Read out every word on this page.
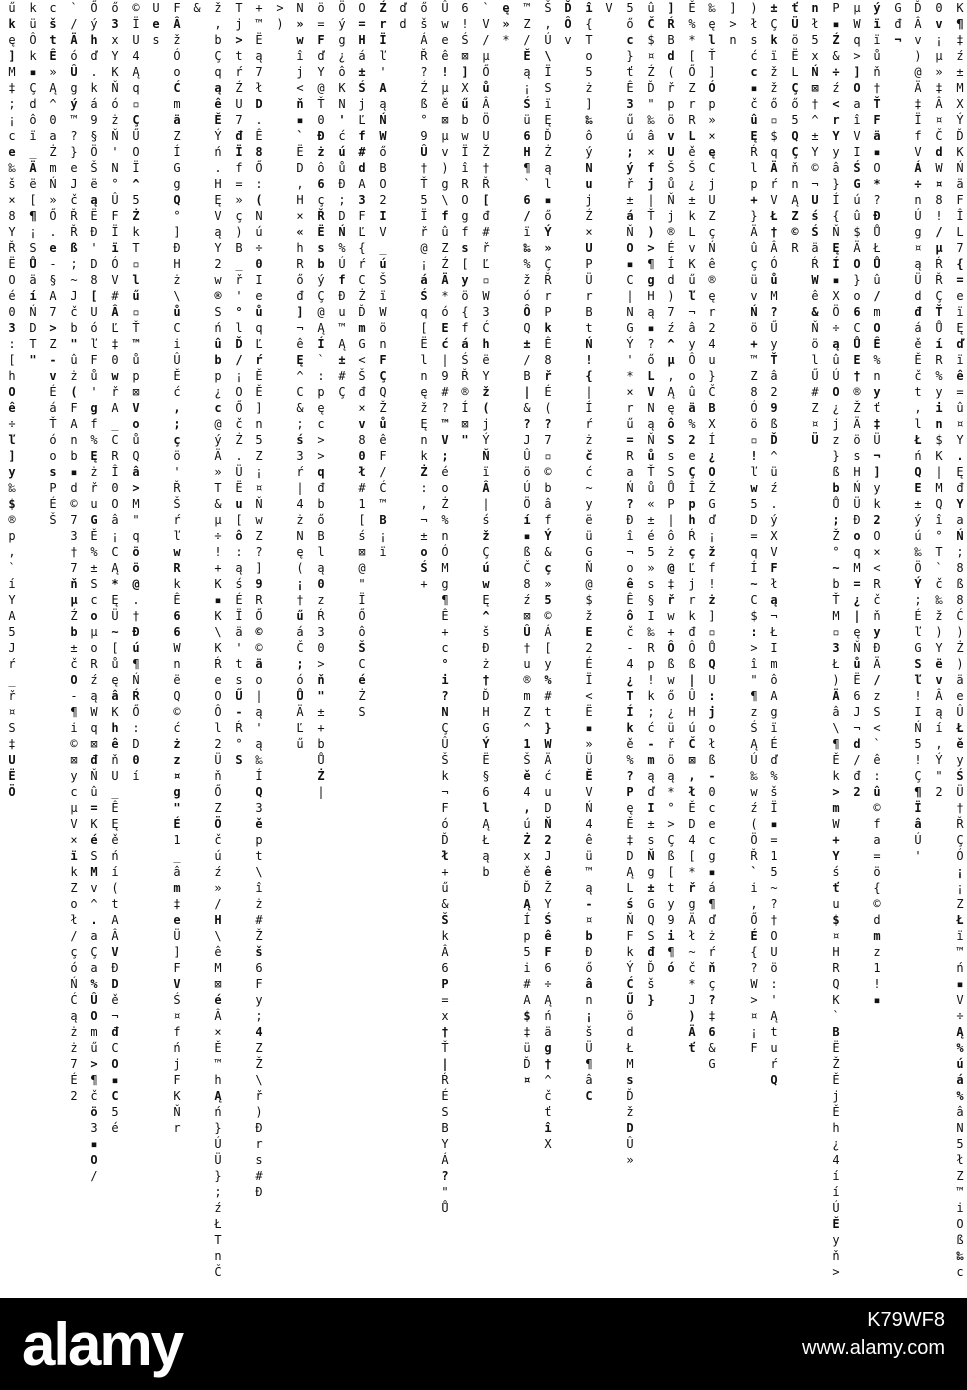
ű
k
ę
]
M
‡
;
¡
c
e
‰
š
×
8
Y
Ř
Ë
O
é
0
3
:
[
h
O
ê
÷
ľ
]
y
‰
$
®
p
,
`
í
Y
A
5
J
ŕ
_
ř
¤
S
‡
U
Ë
Ö
k
ü
Ô
k
▪
Ç
d
ô
ï
_
Ä
ë
[
¶
¡
S
Ů
ä
í
Ń
D
T
"
c
š
t
Ê
»
Ą
^
0
a
Ż
m
Ń
»
Ő
.
e
-
§
A
7
>
Z
-
v
É
á
Ť
ó
o
s
P
É
Š
`
/
Ä
ó
Û
g
ý
™
?
}
e
J
č
Ř
Ř
ß
;
~
J
č
b
"
û
ż
(
F
A
n
b
▪
d
©
7
3
†
7
ň
µ
Ź
b
±
č
O
-
¶
i
©
⊠
y
c
µ
V
×
ï
k
Z
o
ł
/
ç
ó
Ń
Ć
ą
ż
ż
7
É
2
Ő
ý
h
ď
.
k
á
9
§
Ö
Š
ë
ą
Ë
Đ
'
D
8
[
U
ó
ľ
F
ů
'
g
f
%
Ę
ż
ř
u
G
Ě
%
±
S
c
o
µ
o
R
ź
ą
W
q
⊠
đ
Ň
û
=
K
é
S
M
v
^
.
a
Ç
a
%
Û
O
m
ű
>
¶
č
ö
3
▪
O
/
ő
3
x
Y
K
Ň
ó
ż
Ň
'
N
°
Û
F
Ï
ï
Ó
V
#
Â
Ľ
‡
0
w
ř
A
_
C
R
Î
0
O
â
¡
C
Ą
*
Ę
Ü
~
[
ů
ę
â
K
h
ê
ň
U
_
Ê
Ę
ě
ń
í
(
t
A
Â
V
Đ
D
ě
¬
đ
C
O
▪
C
5
é
©
Ï
U
4
Ą
q
▫
Ç
Ű
O
Ï
^
5
Ż
k
T
▫
l
ű
▫
Ť
™
ů
p
⊠
V
o
ů
Q
â
>
M
"
q
ö
ö
@
.
†
Đ
ú
¶
Ń
Ŕ
Ő
:
D
0
í
U
e
s
F
Â
ž
Ó
o
Ć
m
ä
Z
Í
G
g
Q
°
]
Đ
H
ż
\
ů
C
i
Û
Ě
ć
,
;
ç
ö
'
Ř
Š
ŕ
ľ
w
R
k
Ê
6
6
W
n
ë
Q
©
ć
ż
z
¤
g
"
É
1
_
â
m
‡
e
Ü
]
F
V
Ś
¤
f
ń
j
F
K
Ň
r
&	ž
,
b
Ç
q
ą
ê
Ě
Ý
ń
.
H
Ę
V
ą
Y
2
w
®
S
ń
û
b
p
¿
c
@
ý
Ä
»
T
&
µ
÷
!
+
K
▪
K
\
K
Ŕ
e
O
Ô
l
2
Ü
ň
Ő
Z
Ö
č
ú
ź
»
/
H
\
ê
M
⊠
é
Â
×
Ě
™
h
Ą
ń
}
Ú
Ü
}
;
ź
Ł
T
n
Č
T
j
>
t
ŕ
Ź
U
7
đ
Ï
f
=
»
ç
)
B
_
ř
'
°
l
Ď
/
¡
O
Ő
č
Ż
.
Ü
Ë
u
[
ô
:
ą
ś
É
Ï
ä
'
t
s
Ű
-
Ŕ
°
S
+
™
Ë
ą
7
ł
D
.
Ê
8
Ő
:
(
N
ú
÷
0
I
e
ů
q
Ľ
ŕ
Ě
Ě
]
n
5
Z
¡
¤
Ň
w
Z
?
]
9
R
Ő
©
©
ä
o
|
ą
'
ą
‰
Í
Q
3
ě
p
t
\
î
ż
#
Ž
š
6
F
y
;
4
Z
Ž
\
ř
)
Đ
r
s
#
Đ
>
)
N
»
w
î
j
<
ň
▪
`
Ë
D
,
H
×
«
h
R
ő
đ
]
¬
ê
Ę
^
C
&
;
ś
3
ŕ
|
4
ż
N
ę
(
¡
†
ű
á
Č
;
ó
Ů
Ä
Ľ
ű
ö
=
F
ď
Y
@
Ť
0
Đ
ż
ô
6
ç
Ř
Ë
s
b
ý
Ç
@
Ą
Í
`
:
p
ę
c
>
>
q
đ
b
ő
B
l
ą
0
z
Ŕ
3
0
>
ň
"
±
+
b
Ů
Ż
|
Ö
ý
g
¿
ô
K
N
'
ć
ú
ů
Đ
;
D
Ń
%
Ú
f
Đ
u
™
Ą
±
#
Ç
O
=
H
á
±
Ś
j
Ľ
f
#
d
A
3
F
Ľ
{
ŕ
C
Ż
Ď
m
G
<
Š
đ
×
v
8
0
ł
#
1
[
ś
⊠
@
"
Ï
Ő
ô
Š
C
é
Ż
S
Ź
r
Ï
ľ
'
A
ą
Ń
W
ő
B
O
2
I
V
_
ú
Š
ï
W
ö
n
F
Ç
Q
Ž
ů
ê
F
/
Ć
™
B
¡
ï
ď
d
ő
š
Á
Ř
?
Ź
ß
°
9
Û
†
Ť
5
Ï
ř
@
¡
á
Ś
q
[
Ë
l
n
ę
ž
Ę
n
k
Ż
:
,
¬
±
o
Ś
+
Û
w
e
ê
!
µ
ě
⊠
µ
v
)
g
\
f
û
Z
Ź
Ä
*
ó
E
ć
|
9
#
?
™
V
;
é
o
Ż
%
n
Ó
M
g
¶
Ê
+
c
°
i
?
N
Ç
Û
Š
k
¬
F
ó
Ď
ł
+
ű
&
Š
k
Â
6
P
=
x
†
Ť
|
Ŕ
É
S
B
Y
Á
?
"
Ů
6
!
Ś
⊠
]
X
ű
b
w
Ï
î
R
O
g
f
s
[
y
ö
{
f
á
Ś
Ř
®
Í
⊠
"
`
V
/
µ
Ő
ů
Â
Ö
U
Ž
†
Ř
[
đ
#
ř
Ľ
▫
W
3
Ć
h
ë
Y
ž
(
j
Ý
Ň
ï
Â
|
ś
ž
Ç
ú
w
Ę
^
š
Đ
ż
†
Ď
H
G
Ý
Ë
§
6
l
Ą
Ł
ą
b
ę
»
*
™
Z
/
Ě
ą
¡
Ś
ü
6
H
¶
`
6
/
ï
‰
%
ž
ó
Ô
Q
±
/
B
|
&
?
J
Û
ö
Ú
Ö
í
▪
ß
Č
8
ź
⊠
Û
†
u
®
m
Z
^
1
Š
ě
4
,
ú
Ż
x
ě
Ď
Ą
Í
p
5
i
#
A
$
‡
ü
Ď
¤
Š
,
Ú
\
Ï
S
ï
Ę
Ď
Ż
ą
l
▪
ő
Ý
»
Ç
Ř
r
P
k
Ê
8
ř
É
(
?
7
▫
©
b
â
f
Ý
&
ç
»
5
©
Á
[
y
%
#
t
}
W
Ä
ć
u
D
Ň
2
J
ê
Ž
Y
Ś
ê
F
6
÷
Ą
ń
ä
g
†
^
č
ť
î
X
Ď
Ô
v
î
{
T
o
5
ż
]
‰
ô
ý
N
u
j
Ź
×
U
P
Ü
r
B
t
Ń
!
{
|
Í
ŕ
ż
č
ć
~
y
ë
ü
G
Ň
@
$
ž
E
2
É
Ï
<
Ë
▪
»
Ü
Ě
V
Ń
4
ê
ü
™
ą
-
¤
b
Đ
ő
â
n
¡
š
Ü
¶
â
C
V	5
ő
c
}
ť
Ê
3
ű
ú
;
ý
ř
±
á
Ň
O
▪
C
|
N
G
Ý
'
*
×
r
ű
=
R
a
Ń
?
Đ
î
¬
o
ê
Ê
ô
č
-
4
¿
T
Í
k
ě
%
?
P
ę
Ě
‡
D
Ą
L
ś
Ň
F
k
Ý
Ć
Ű
ö
d
Ł
M
s
Ď
ž
D
Û
»
û
Č
$
¤
Ź
Ď
"
‰
â
×
f
j
|
Ť
)
>
¶
g
H
ą
▪
?
ő
L
V
N
ą
Ň
ů
Ť
ů
«
±
é
5
»
s
§
I
‰
R
p
!
k
;
ć
-
m
ą
ď
I
±
s
Ň
g
±
G
Q
S
đ
Ď
š
}
]
Ŕ
B
d
(
ř
p
ö
v
U
Š
ů
Ň
j
®
É
Í
d
)
7
ź
^
µ
,
Ą
ę
ô
S
s
S
Ů
P
|
ô
ż
@
‡
ř
w
+
Ô
ß
w
ő
¿
ü
ř
ö
ą
*
°
>
Ç
ß
[
t
y
9
i
¶
ó
Ě
%
*
[
Ő
Z
r
R
L
ě
Š
¿
±
k
L
v
K
ű
ľ
¬
â
y
Ô
o
û
ä
%
2
e
Ç
Î
p
h
Ŕ
ç
Ľ
j
r
k
đ
Ô
ß
|
Û
H
ú
Č
⊠
,
ł
Ě
D
4
[
*
ř
g
Ä
ł
~
č
*
J
)
Ä
ť
‰
ę
l
Ť
]
Ó
p
»
×
ę
C
j
U
Z
ç
Ń
ê
®
ę
r
2
4
u
}
Č
B
X
Í
¿
O
Ž
G
ď
¡
ž
f
!
ż
]
▫
Ů
Q
U
:
j
o
ł
ß
-
0
c
e
c
g
▪
á
¶
ď
ż
ŕ
ň
ç
?
‡
6
&
G
]
>
n
)
ł
s
ć
c
▪
č
û
Ę
Ŕ
l
p
+
}
Ä
û
ç
ü
v
Ń
ö
+
™
Z
8
Ó
ö
▫
!
ľ
w
5
D
=
q
Í
~
C
$
:
>
î
"
¶
z
Ś
Ą
Ú
‰
w
ź
(
Ö
Ř
`
i
,
Ő
É
{
?
W
>
¤
¡
F
±
Ç
k
ï
ž
ž
ő
▫
$
q
Ä
ŕ
V
Ł
†
Â
Ó
ů
M
?
Ű
y
Ť
â
2
9
ß
Ď
^
ü
ź
.
ý
X
V
F
ł
ą
¬
Ł
I
m
ô
A
g
ï
É
ď
%
š
Ï
▪
=
1
5
~
?
†
O
U
ö
:
'
Ą
t
u
ŕ
Q
ť
Ü
ö
Ë
L
Ç
ő
5
Q
Ç
ň
n
Ą
Z
©
R
n
ł
5
x
Ń
⊠
†
^
±
Y
©
¬
U
ś
Ś
ä
Ŕ
W
ê
&
Ň
ö
l
Ű
#
Z
¤
Ü
P
▪
Ź
&
÷
ź
<
r
Y
y
â
}
Í
{
Ň
Ę
Í
▪
X
Ö
÷
ą
û
Ú
O
¿
j
z
}
ß
b
Ů
;
Ž
°
~
b
Ť
M
▫
3
Ł
)
Ä
â
\
¶
Ě
k
>
m
W
+
Y
ś
ť
u
$
¤
H
R
Q
K
`
B
Ë
Ž
Ě
j
Ě
h
¿
4
í
í
Ú
Ě
y
ň
>
µ
W
q
>
]
O
a
î
V
I
Ś
G
ú
û
$
Ä
O
}
o
6
C
Ů
E
†
®
Ž
Ä
ö
s
H
Ń
Ü
Đ
o
q
M
=
¿
|
ę
Ň
ů
Ë
6
J
¬
d
/
đ
2
ý
ï
ï
ů
ň
†
Ť
F
ä
▪
O
*
?
Đ
Ů
Ł
Ů
û
/
m
O
Ê
%
n
y
ť
‡
Ü
¬
]
y
k
2
O
×
<
R
č
ň
y
Đ
Ä
/
z
S
<
`
ê
:
û
©
f
a
=
ö
{
©
d
m
z
1
!
▪
G
đ
¬
Ď
Â
v
)
@
Ä
‡
Ï
f
V
Á
÷
n
Ú
g
¤
ą
Ü
d
đ
á
ě
Ě
č
t
,
l
Ł
ń
Q
E
±
ý
ú
‰
Ö
Ý
;
É
ľ
G
S
ľ
!
I
Ń
5
!
Ç
¶
Ï
â
Ú
'
0
v
¡
µ
»
‡
Â
¤
Č
d
W
¤
8
!
/
µ
Ŕ
Ř
Ç
Ť
Ů
í
R
%
y
i
n
$
K
|
M
Q
î
°
T
`
č
‰
ž
)
Y
ë
v
Â
ą
í
,
Ý
"
2
K
¶
‡
ź
±
M
X
Ý
Ď
K
Ń
ä
F
Î
L
7
{
=
e
ï
Ę
ď
ï
ê
=
û
¤
Y
.
Ę
đ
Y
a
Ń
;
8
ß
8
Ć
)
Ż
)
ä
e
Û
Ł
ě
y
Ś
Ü
†
Ř
Ç
Ó
¡
¡
Z
Ł
ï
™
ń
▪
V
÷
Ą
%
ú
á
%
â
N
5
ł
Z
™
i
O
ß
‰
c
alamy	K79WF8
www.alamy.com
